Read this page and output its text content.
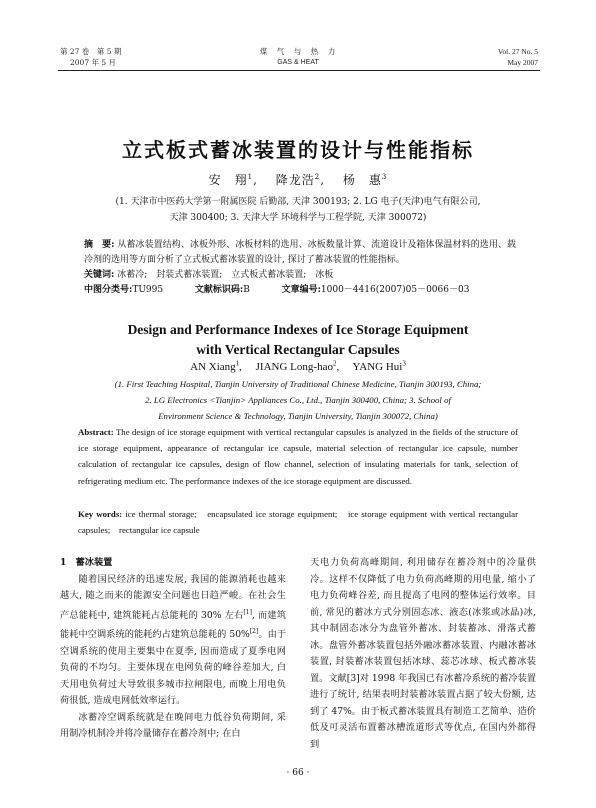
第 27 卷　第 5 期
2007 年 5 月
煤　气　与　热　力
GAS & HEAT
Vol. 27 No. 5
May 2007
立式板式蓄冰装置的设计与性能指标
安　翔$^1$,　 降龙浩$^2$,　 杨　惠$^3$
(1. 天津市中医药大学第一附属医院 后勤部, 天津 300193; 2. LG 电子(天津)电气有限公司,
天津 300400; 3. 天津大学 环境科学与工程学院, 天津 300072)
摘　要: 从蓄冰装置结构、冰板外形、冰板材料的选用、冰板数量计算、流道设计及箱体保温材料的选用、载冷剂的选用等方面分析了立式板式蓄冰装置的设计, 探讨了蓄冰装置的性能指标。
关键词: 冰蓄冷;　封装式蓄冰装置;　立式板式蓄冰装置;　冰板
中图分类号:TU995	文献标识码:B	文章编号:1000－4416(2007)05－0066－03
Design and Performance Indexes of Ice Storage Equipment
with Vertical Rectangular Capsules
AN Xiang$^1$,　 JIANG Long-hao$^2$,　 YANG Hui$^3$
(1. First Teaching Hospital, Tianjin University of Traditional Chinese Medicine, Tianjin 300193, China;
2. LG Electronics <Tianjin> Appliances Co., Ltd., Tianjin 300400, China; 3. School of
Environment Science & Technology, Tianjin University, Tianjin 300072, China)
Abstract: The design of ice storage equipment with vertical rectangular capsules is analyzed in the fields of the structure of ice storage equipment, appearance of rectangular ice capsule, material selection of rectangular ice capsule, number calculation of rectangular ice capsules, design of flow channel, selection of insulating materials for tank, selection of refrigerating medium etc. The performance indexes of the ice storage equipment are discussed.
Key words: ice thermal storage;　encapsulated ice storage equipment;　ice storage equipment with vertical rectangular capsules;　rectangular ice capsule

1　蓄冰装置

随着国民经济的迅速发展, 我国的能源消耗也越来越大, 随之而来的能源安全问题也日趋严峻。在社会生产总能耗中, 建筑能耗占总能耗的 30% 左右[1], 而建筑能耗中空调系统的能耗约占建筑总能耗的 50%[2]。由于空调系统的使用主要集中在夏季, 因而造成了夏季电网负荷的不均匀。主要体现在电网负荷的峰谷差加大, 白天用电负荷过大导致很多城市拉闸限电, 而晚上用电负荷很低, 造成电网低效率运行。

冰蓄冷空调系统就是在晚间电力低谷负荷期间, 采用制冷机制冷并将冷量储存在蓄冷剂中; 在白

天电力负荷高峰期间, 利用储存在蓄冷剂中的冷量供冷。这样不仅降低了电力负荷高峰期的用电量, 缩小了电力负荷峰谷差, 而且提高了电网的整体运行效率。目前, 常见的蓄冰方式分别固态冰、液态(冰浆或冰晶)冰, 其中制固态冰分为盘管外蓄冰、封装蓄冰、滑落式蓄冰。盘管外蓄冰装置包括外融冰蓄冰装置、内融冰蓄冰装置, 封装蓄冰装置包括冰球、蕊芯冰球、板式蓄冰装置。文献[3]对 1998 年我国已有冰蓄冷系统的蓄冷装置进行了统计, 结果表明封装蓄冰装置占据了较大份额, 达到了 47%。由于板式蓄冰装置具有制造工艺简单、造价低及可灵活布置蓄冰槽流道形式等优点, 在国内外都得到

· 66 ·
